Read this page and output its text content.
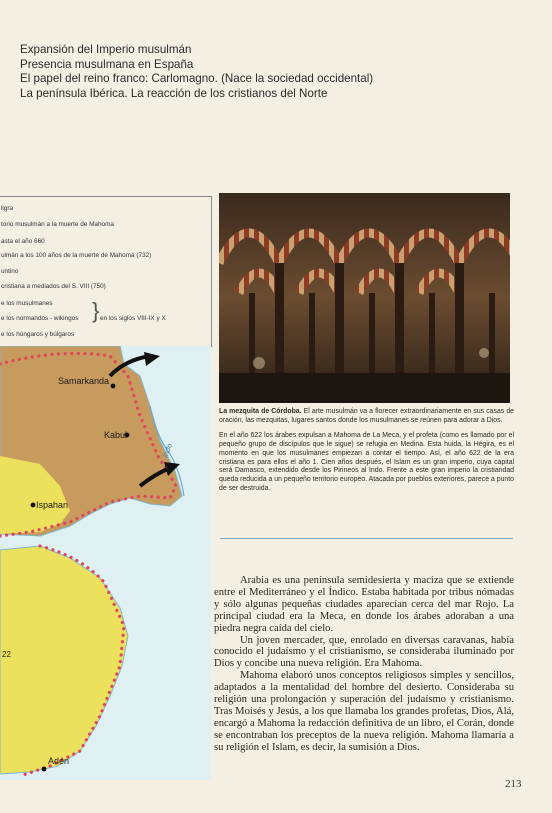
Expansión del Imperio musulmán
Presencia musulmana en España
El papel del reino franco: Carlomagno. (Nace la sociedad occidental)
La península Ibérica. La reacción de los cristianos del Norte
ligra
torio musulmán a la muerte de Mahoma
asta el año 660
ulmán a los 100 años de la muerte de Mahoma (732)
untino
cristiana a mediados del S. VIII (750)
e los musulmanes
e los normandos - wikingos
e los húngaros y búlgaros
} en los siglos VIII-IX y X
Samarkanda
Kabul
Indo
Ispahan
22
Adén

La mezquita de Córdoba. El arte musulmán va a florecer extraordinariamente en sus casas de oración, las mezquitas, lugares santos donde los musulmanes se reúnen para adorar a Dios.

En el año 622 los árabes expulsan a Mahoma de La Meca, y el profeta (como es llamado por el pequeño grupo de discípulos que le sigue) se refugia en Medina. Esta huida, la Hégira, es el momento en que los musulmanes empiezan a contar el tiempo. Así, el año 622 de la era cristiana es para ellos el año 1. Cien años después, el Islam es un gran imperio, cuya capital será Damasco, extendido desde los Pirineos al Indo. Frente a este gran imperio la cristiandad queda reducida a un pequeño territorio europeo. Atacada por pueblos exteriores, parece a punto de ser destruida.

Arabia es una península semidesierta y maciza que se extiende entre el Mediterráneo y el Índico. Estaba habitada por tribus nómadas y sólo algunas pequeñas ciudades aparecían cerca del mar Rojo. La principal ciudad era la Meca, en donde los árabes adoraban a una piedra negra caída del cielo.

Un joven mercader, que, enrolado en diversas caravanas, había conocido el judaísmo y el cristianismo, se consideraba iluminado por Dios y concibe una nueva religión. Era Mahoma.

Mahoma elaboró unos conceptos religiosos simples y sencillos, adaptados a la mentalidad del hombre del desierto. Consideraba su religión una prolongación y superación del judaísmo y cristianismo. Tras Moisés y Jesús, a los que llamaba los grandes profetas, Dios, Alá, encargó a Mahoma la redacción definitiva de un libro, el Corán, donde se encontraban los preceptos de la nueva religión. Mahoma llamaría a su religión el Islam, es decir, la sumisión a Dios.

213
